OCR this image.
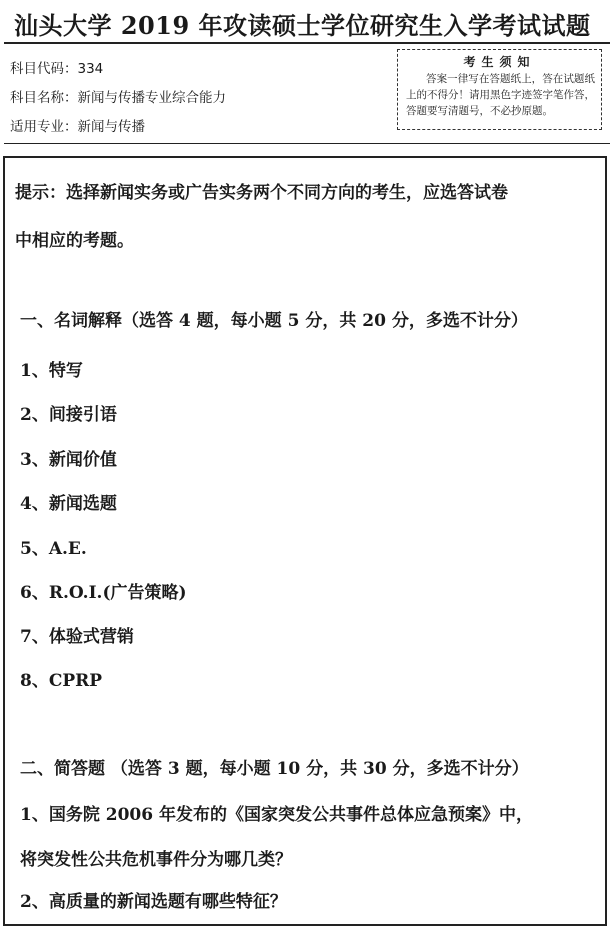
汕头大学 2019 年攻读硕士学位研究生入学考试试题
科目代码：334
科目名称：新闻与传播专业综合能力
适用专业：新闻与传播
考生须知
答案一律写在答题纸上，答在试题纸上的不得分！请用黑色字迹签字笔作答，答题要写清题号，不必抄原题。
提示：选择新闻实务或广告实务两个不同方向的考生，应选答试卷
中相应的考题。
一、名词解释（选答 4 题，每小题 5 分，共 20 分，多选不计分）
1、特写
2、间接引语
3、新闻价值
4、新闻选题
5、A.E.
6、R.O.I.(广告策略)
7、体验式营销
8、CPRP
二、简答题 （选答 3 题，每小题 10 分，共 30 分，多选不计分）
1、国务院 2006 年发布的《国家突发公共事件总体应急预案》中，
将突发性公共危机事件分为哪几类？
2、高质量的新闻选题有哪些特征？
